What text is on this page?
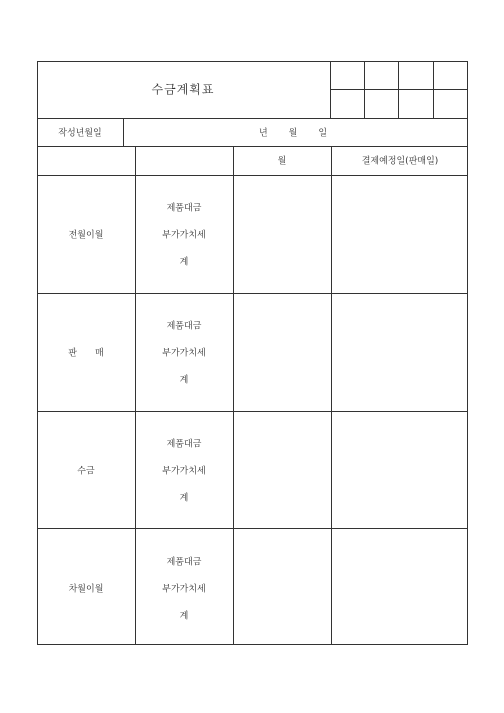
수금계획표
작성년월일	년　월　일
월	결제예정일(판매일)
전월이월
제품대금
부가가치세
계
판　　매
제품대금
부가가치세
계
수금
제품대금
부가가치세
계
차월이월
제품대금
부가가치세
계
